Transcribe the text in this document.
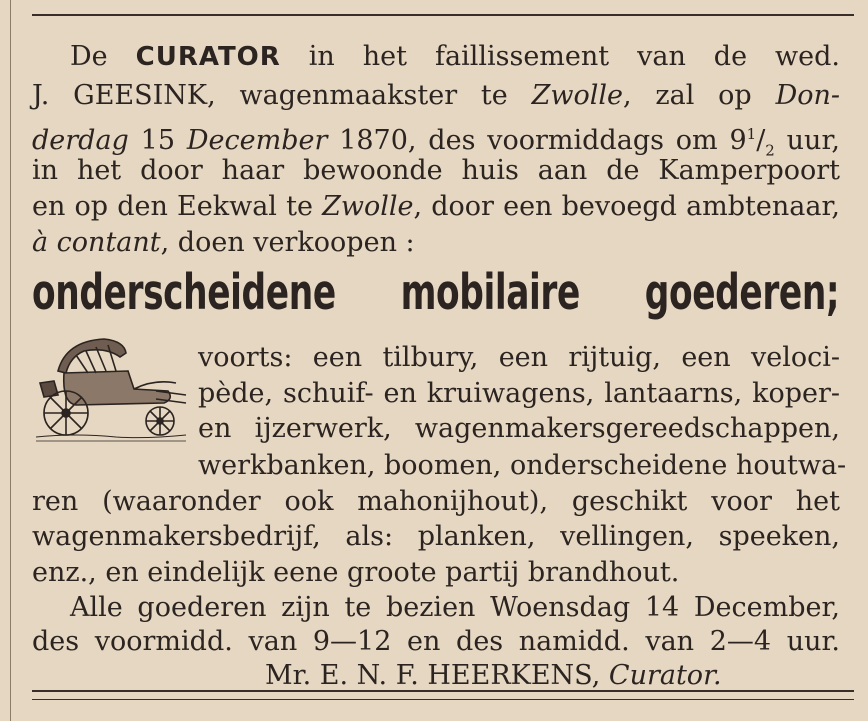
De CURATOR in het faillissement van de wed.
J. GEESINK, wagenmaakster te Zwolle, zal op Don-
derdag 15 December 1870, des voormiddags om $9^1/_2$ uur,
in het door haar bewoonde huis aan de Kamperpoort
en op den Eekwal te Zwolle, door een bevoegd ambtenaar,
à contant, doen verkoopen :
onderscheidene mobilaire goederen;
voorts: een tilbury, een rijtuig, een veloci-
pède, schuif- en kruiwagens, lantaarns, koper-
en ijzerwerk, wagenmakersgereedschappen,
werkbanken, boomen, onderscheidene houtwa-
ren (waaronder ook mahonijhout), geschikt voor het
wagenmakersbedrijf, als: planken, vellingen, speeken,
enz., en eindelijk eene groote partij brandhout.
Alle goederen zijn te bezien Woensdag 14 December,
des voormidd. van 9—12 en des namidd. van 2—4 uur.
Mr. E. N. F. HEERKENS, Curator.
